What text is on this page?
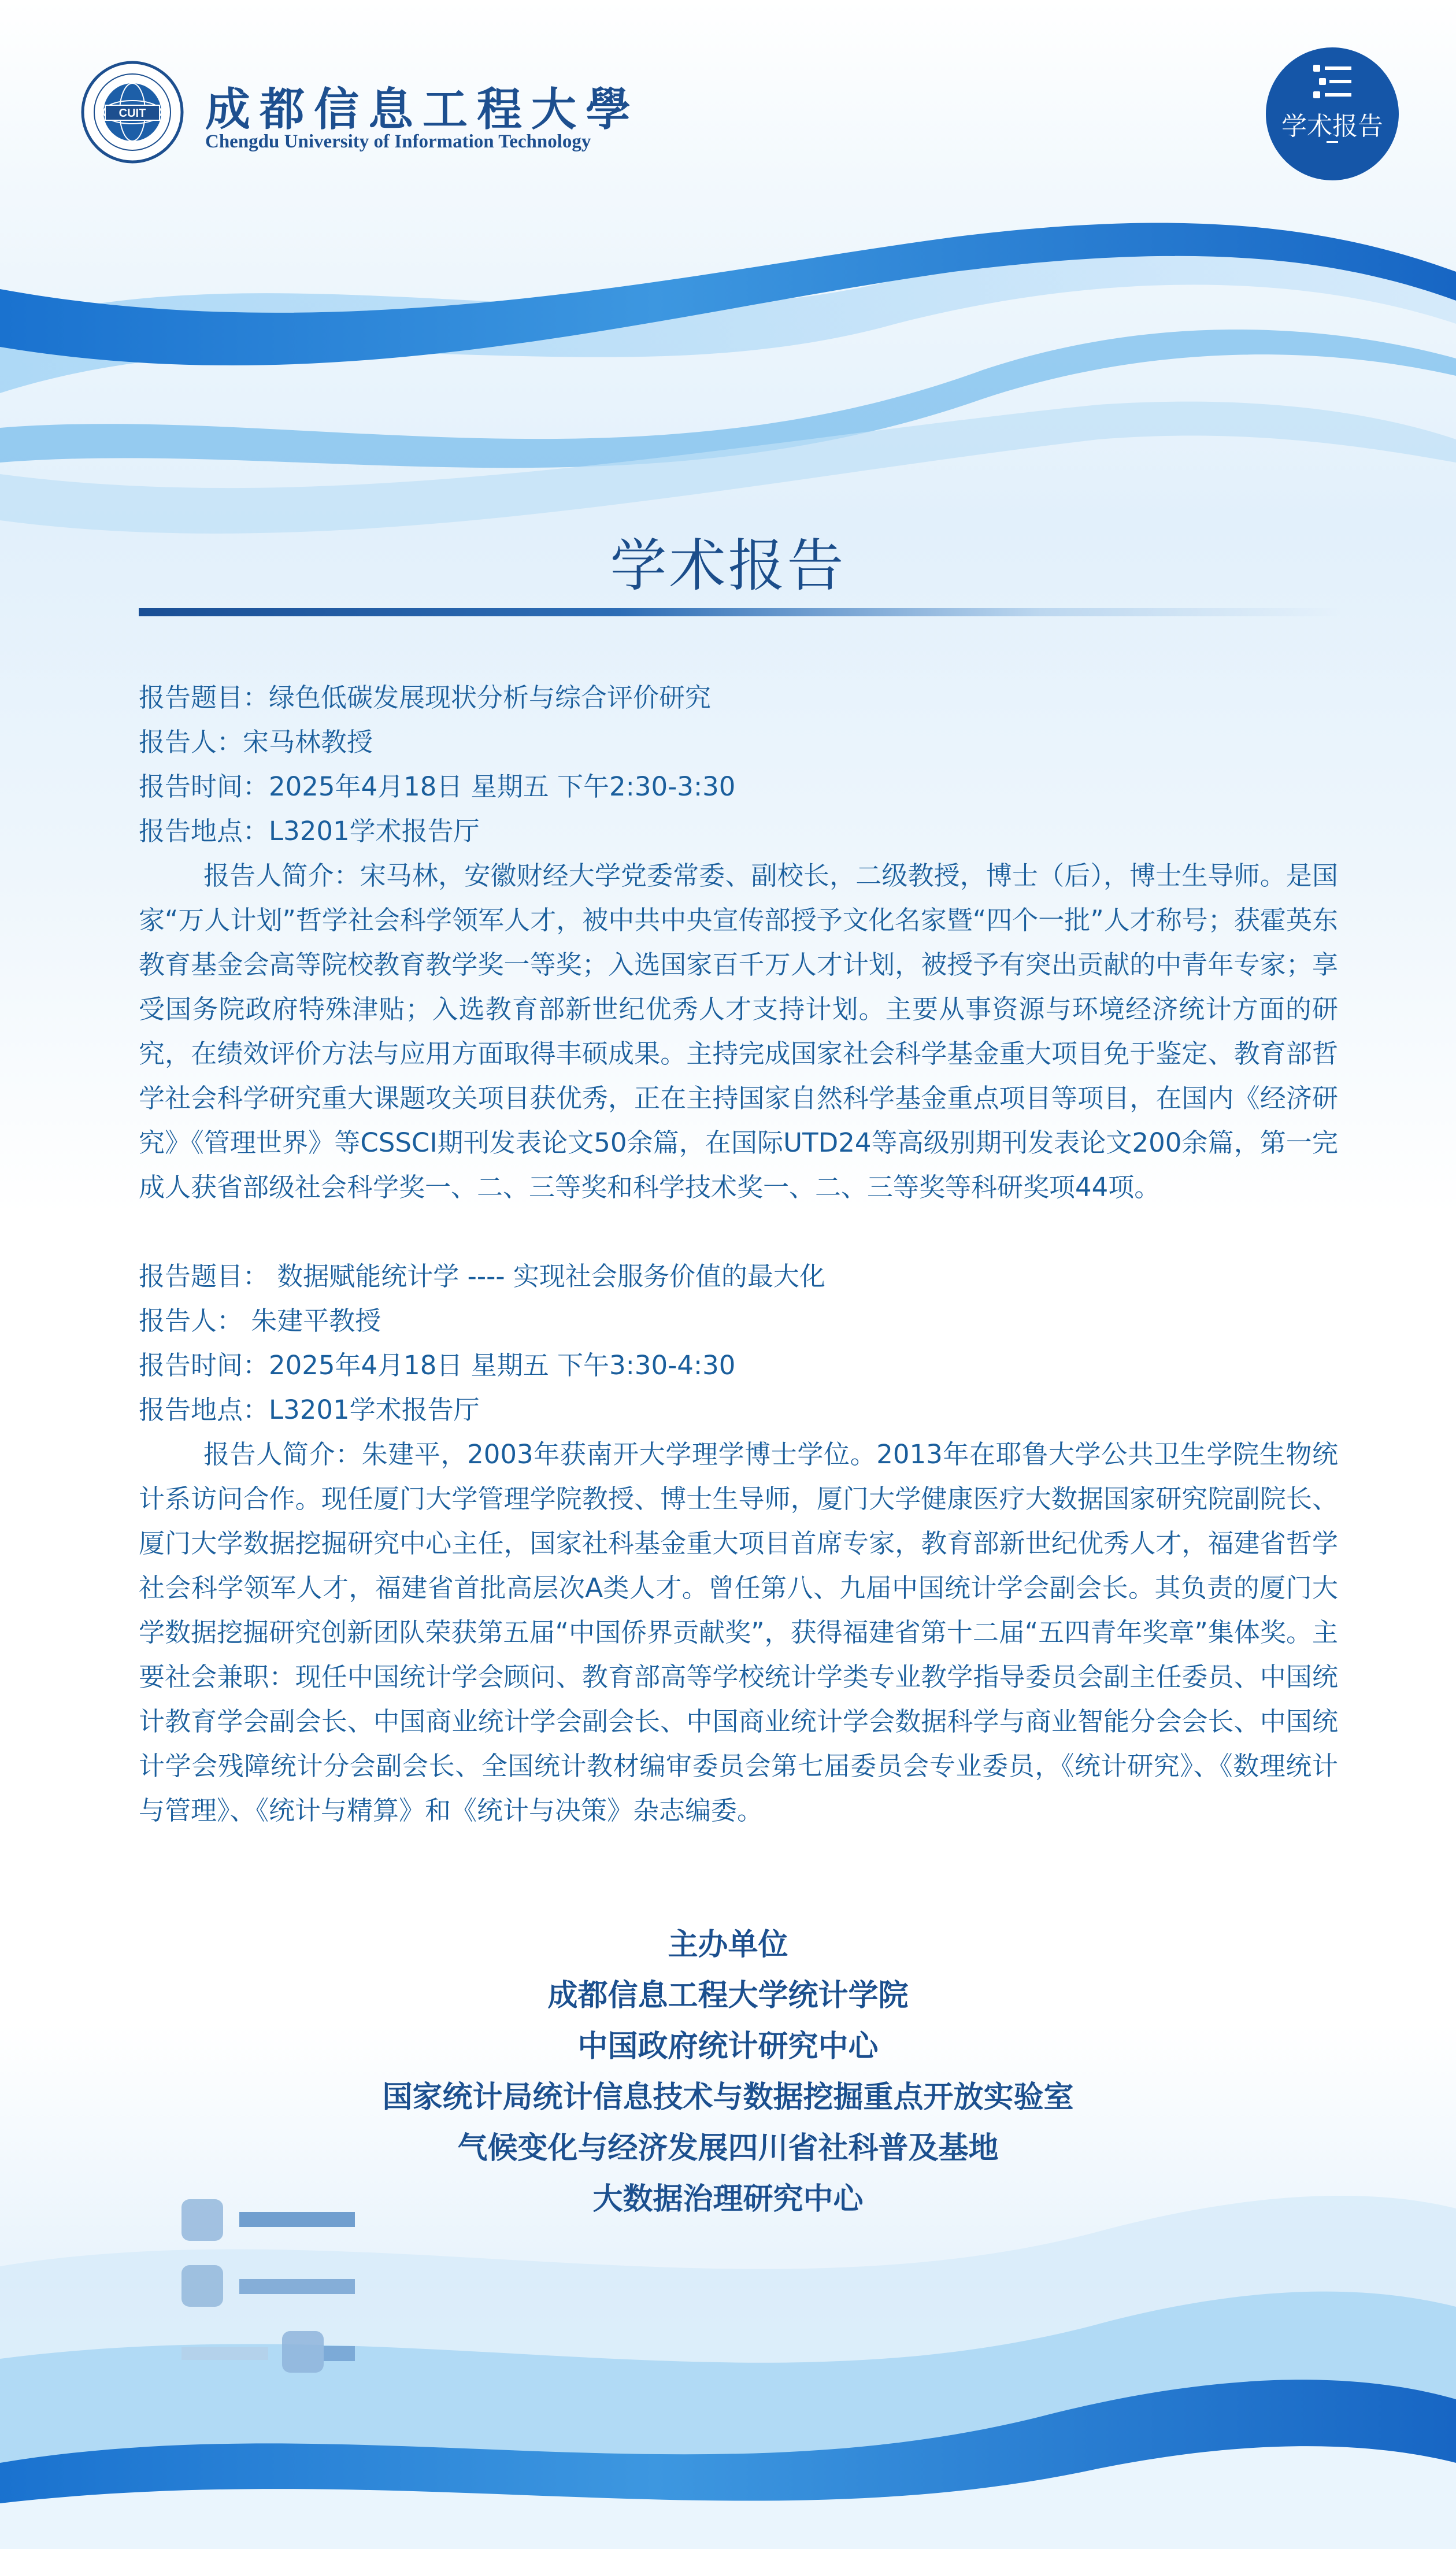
CUIT 成都信息工程大學
Chengdu University of Information Technology
学术报告
学术报告
报告题目：绿色低碳发展现状分析与综合评价研究
报告人：宋马林教授
报告时间：2025年4月18日 星期五 下午2:30-3:30
报告地点：L3201学术报告厅
报告人简介：宋马林，安徽财经大学党委常委、副校长，二级教授，博士（后），博士生导师。是国家“万人计划”哲学社会科学领军人才，被中共中央宣传部授予文化名家暨“四个一批”人才称号；获霍英东教育基金会高等院校教育教学奖一等奖；入选国家百千万人才计划，被授予有突出贡献的中青年专家；享受国务院政府特殊津贴；入选教育部新世纪优秀人才支持计划。主要从事资源与环境经济统计方面的研究，在绩效评价方法与应用方面取得丰硕成果。主持完成国家社会科学基金重大项目免于鉴定、教育部哲学社会科学研究重大课题攻关项目获优秀，正在主持国家自然科学基金重点项目等项目，在国内《经济研究》《管理世界》等CSSCI期刊发表论文50余篇，在国际UTD24等高级别期刊发表论文200余篇，第一完成人获省部级社会科学奖一、二、三等奖和科学技术奖一、二、三等奖等科研奖项44项。
报告题目： 数据赋能统计学 ---- 实现社会服务价值的最大化
报告人： 朱建平教授
报告时间：2025年4月18日 星期五 下午3:30-4:30
报告地点：L3201学术报告厅
报告人简介：朱建平，2003年获南开大学理学博士学位。2013年在耶鲁大学公共卫生学院生物统计系访问合作。现任厦门大学管理学院教授、博士生导师，厦门大学健康医疗大数据国家研究院副院长、厦门大学数据挖掘研究中心主任，国家社科基金重大项目首席专家，教育部新世纪优秀人才，福建省哲学社会科学领军人才，福建省首批高层次A类人才。曾任第八、九届中国统计学会副会长。其负责的厦门大学数据挖掘研究创新团队荣获第五届“中国侨界贡献奖”，获得福建省第十二届“五四青年奖章”集体奖。主要社会兼职：现任中国统计学会顾问、教育部高等学校统计学类专业教学指导委员会副主任委员、中国统计教育学会副会长、中国商业统计学会副会长、中国商业统计学会数据科学与商业智能分会会长、中国统计学会残障统计分会副会长、全国统计教材编审委员会第七届委员会专业委员，《统计研究》、《数理统计与管理》、《统计与精算》和《统计与决策》杂志编委。
主办单位
成都信息工程大学统计学院
中国政府统计研究中心
国家统计局统计信息技术与数据挖掘重点开放实验室
气候变化与经济发展四川省社科普及基地
大数据治理研究中心
